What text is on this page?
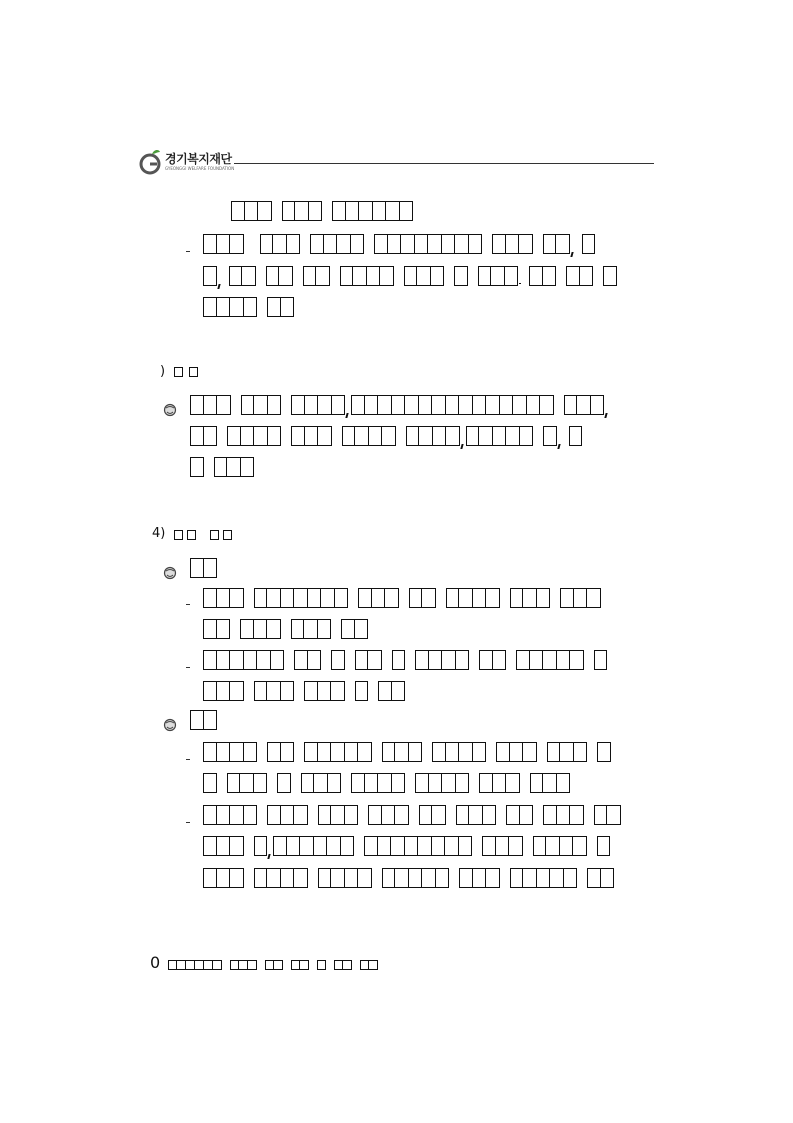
경기복지재단
GYEONGGI WELFARE FOUNDATION
)
4)
0
